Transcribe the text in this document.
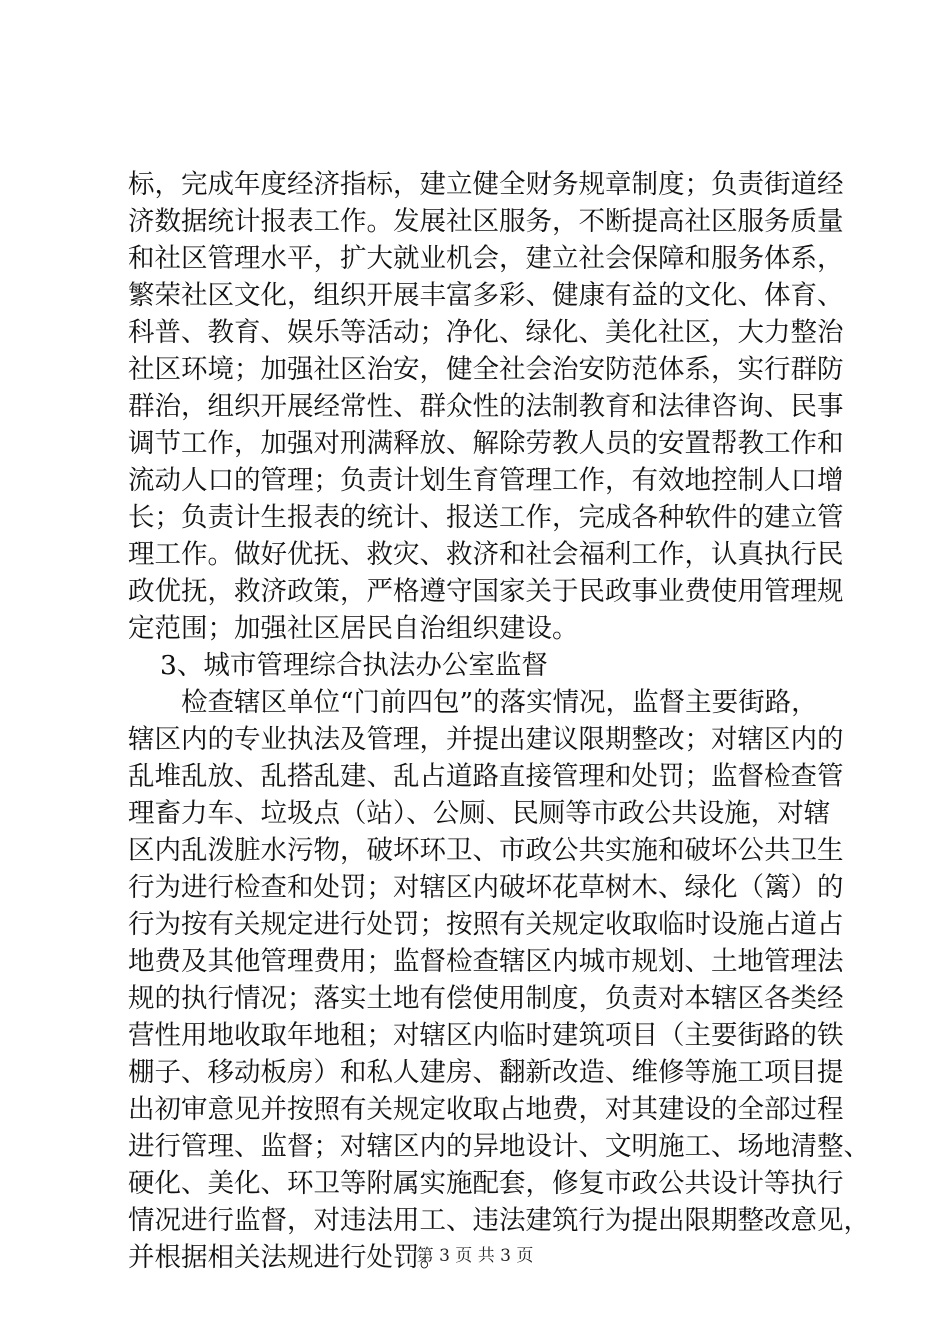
标，完成年度经济指标，建立健全财务规章制度；负责街道经
济数据统计报表工作。发展社区服务，不断提高社区服务质量
和社区管理水平，扩大就业机会，建立社会保障和服务体系，
繁荣社区文化，组织开展丰富多彩、健康有益的文化、体育、
科普、教育、娱乐等活动；净化、绿化、美化社区，大力整治
社区环境；加强社区治安，健全社会治安防范体系，实行群防
群治，组织开展经常性、群众性的法制教育和法律咨询、民事
调节工作，加强对刑满释放、解除劳教人员的安置帮教工作和
流动人口的管理；负责计划生育管理工作，有效地控制人口增
长；负责计生报表的统计、报送工作，完成各种软件的建立管
理工作。做好优抚、救灾、救济和社会福利工作，认真执行民
政优抚，救济政策，严格遵守国家关于民政事业费使用管理规
定范围；加强社区居民自治组织建设。
3、城市管理综合执法办公室监督
检查辖区单位“门前四包”的落实情况，监督主要街路，
辖区内的专业执法及管理，并提出建议限期整改；对辖区内的
乱堆乱放、乱搭乱建、乱占道路直接管理和处罚；监督检查管
理畜力车、垃圾点（站）、公厕、民厕等市政公共设施，对辖
区内乱泼脏水污物，破坏环卫、市政公共实施和破坏公共卫生
行为进行检查和处罚；对辖区内破坏花草树木、绿化（篱）的
行为按有关规定进行处罚；按照有关规定收取临时设施占道占
地费及其他管理费用；监督检查辖区内城市规划、土地管理法
规的执行情况；落实土地有偿使用制度，负责对本辖区各类经
营性用地收取年地租；对辖区内临时建筑项目（主要街路的铁
棚子、移动板房）和私人建房、翻新改造、维修等施工项目提
出初审意见并按照有关规定收取占地费，对其建设的全部过程
进行管理、监督；对辖区内的异地设计、文明施工、场地清整、
硬化、美化、环卫等附属实施配套，修复市政公共设计等执行
情况进行监督，对违法用工、违法建筑行为提出限期整改意见，
并根据相关法规进行处罚。
第 3 页 共 3 页
